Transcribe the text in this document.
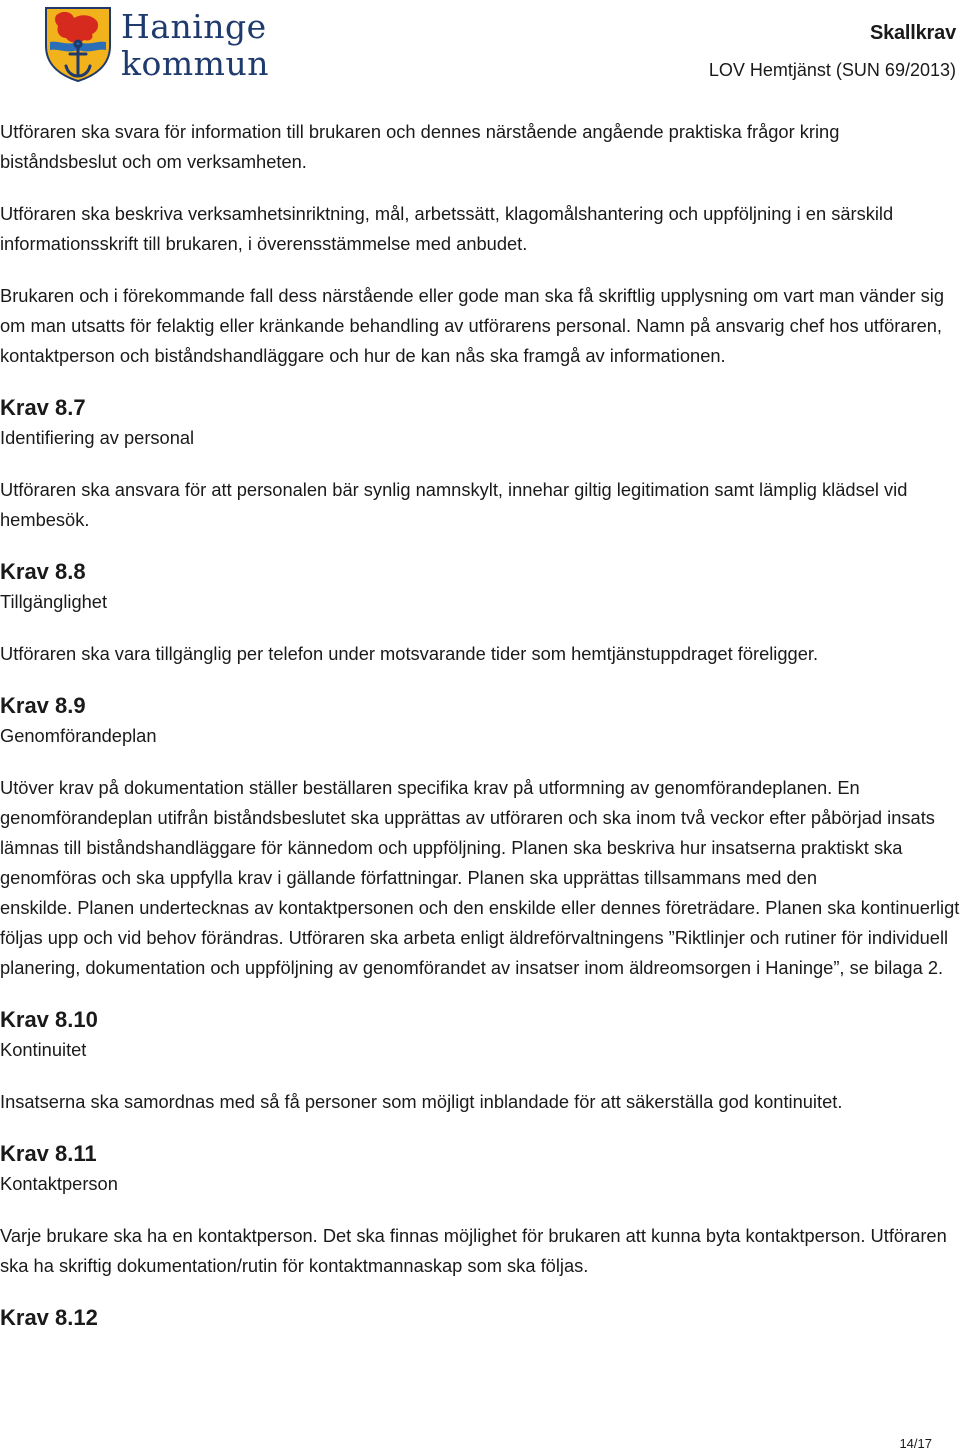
Haninge
kommun
Skallkrav
LOV Hemtjänst (SUN 69/2013)

Utföraren ska svara för information till brukaren och dennes närstående angående praktiska frågor kring biståndsbeslut och om verksamheten.

Utföraren ska beskriva verksamhetsinriktning, mål, arbetssätt, klagomålshantering och uppföljning i en särskild informationsskrift till brukaren, i överensstämmelse med anbudet.

Brukaren och i förekommande fall dess närstående eller gode man ska få skriftlig upplysning om vart man vänder sig om man utsatts för felaktig eller kränkande behandling av utförarens personal. Namn på ansvarig chef hos utföraren, kontaktperson och biståndshandläggare och hur de kan nås ska framgå av informationen.

Krav 8.7
Identifiering av personal

Utföraren ska ansvara för att personalen bär synlig namnskylt, innehar giltig legitimation samt lämplig klädsel vid hembesök.

Krav 8.8
Tillgänglighet

Utföraren ska vara tillgänglig per telefon under motsvarande tider som hemtjänstuppdraget föreligger.

Krav 8.9
Genomförandeplan

Utöver krav på dokumentation ställer beställaren specifika krav på utformning av genomförandeplanen. En genomförandeplan utifrån biståndsbeslutet ska upprättas av utföraren och ska inom två veckor efter påbörjad insats lämnas till biståndshandläggare för kännedom och uppföljning. Planen ska beskriva hur insatserna praktiskt ska genomföras och ska uppfylla krav i gällande författningar. Planen ska upprättas tillsammans med den

enskilde. Planen undertecknas av kontaktpersonen och den enskilde eller dennes företrädare. Planen ska kontinuerligt följas upp och vid behov förändras. Utföraren ska arbeta enligt äldreförvaltningens ”Riktlinjer och rutiner för individuell planering, dokumentation och uppföljning av genomförandet av insatser inom äldreomsorgen i Haninge”, se bilaga 2.

Krav 8.10
Kontinuitet

Insatserna ska samordnas med så få personer som möjligt inblandade för att säkerställa god kontinuitet.

Krav 8.11
Kontaktperson

Varje brukare ska ha en kontaktperson. Det ska finnas möjlighet för brukaren att kunna byta kontaktperson. Utföraren ska ha skriftig dokumentation/rutin för kontaktmannaskap som ska följas.

Krav 8.12
14/17
